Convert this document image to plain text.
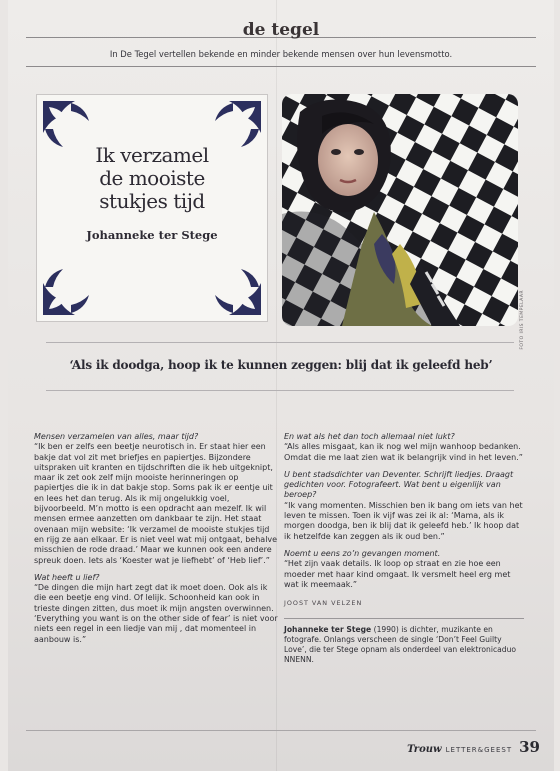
de tegel
In De Tegel vertellen bekende en minder bekende mensen over hun levensmotto.
Ik verzamel
de mooiste
stukjes tijd
Johanneke ter Stege
FOTO IRIS TEMPELAAR
‘Als ik doodga, hoop ik te kunnen zeggen: blij dat ik geleefd heb’

Mensen verzamelen van alles, maar tijd?
“Ik ben er zelfs een beetje neurotisch in. Er staat hier een bakje dat vol zit met briefjes en papiertjes. Bijzondere uitspraken uit kranten en tijdschriften die ik heb uitgeknipt, maar ik zet ook zelf mijn mooiste herinneringen op papiertjes die ik in dat bakje stop. Soms pak ik er eentje uit en lees het dan terug. Als ik mij ongelukkig voel, bijvoorbeeld. M’n motto is een opdracht aan mezelf. Ik wil mensen ermee aanzetten om dankbaar te zijn. Het staat ovenaan mijn website: ‘Ik verzamel de mooiste stukjes tijd en rijg ze aan elkaar. Er is niet veel wat mij ontgaat, behalve misschien de rode draad.’ Maar we kunnen ook een andere spreuk doen. Iets als ‘Koester wat je liefhebt’ of ‘Heb lief’.”

Wat heeft u lief?
“De dingen die mijn hart zegt dat ik moet doen. Ook als ik die een beetje eng vind. Of lelijk. Schoonheid kan ook in trieste dingen zitten, dus moet ik mijn angsten overwinnen. ‘Everything you want is on the other side of fear’ is niet voor niets een regel in een liedje van mij , dat momenteel in aanbouw is.”

En wat als het dan toch allemaal niet lukt?
“Als alles misgaat, kan ik nog wel mijn wanhoop bedanken. Omdat die me laat zien wat ik belangrijk vind in het leven.”

U bent stadsdichter van Deventer. Schrijft liedjes. Draagt gedichten voor. Fotografeert. Wat bent u eigenlijk van beroep?
“Ik vang momenten. Misschien ben ik bang om iets van het leven te missen. Toen ik vijf was zei ik al: ‘Mama, als ik morgen doodga, ben ik blij dat ik geleefd heb.’ Ik hoop dat ik hetzelfde kan zeggen als ik oud ben.”

Noemt u eens zo’n gevangen moment.
“Het zijn vaak details. Ik loop op straat en zie hoe een moeder met haar kind omgaat. Ik versmelt heel erg met wat ik meemaak.”

JOOST VAN VELZEN

Johanneke ter Stege (1990) is dichter, muzikante en fotografe. Onlangs verscheen de single ‘Don’t Feel Guilty Love’, die ter Stege opnam als onderdeel van elektronicaduo NNENN.

Trouw LETTER&GEEST 39
